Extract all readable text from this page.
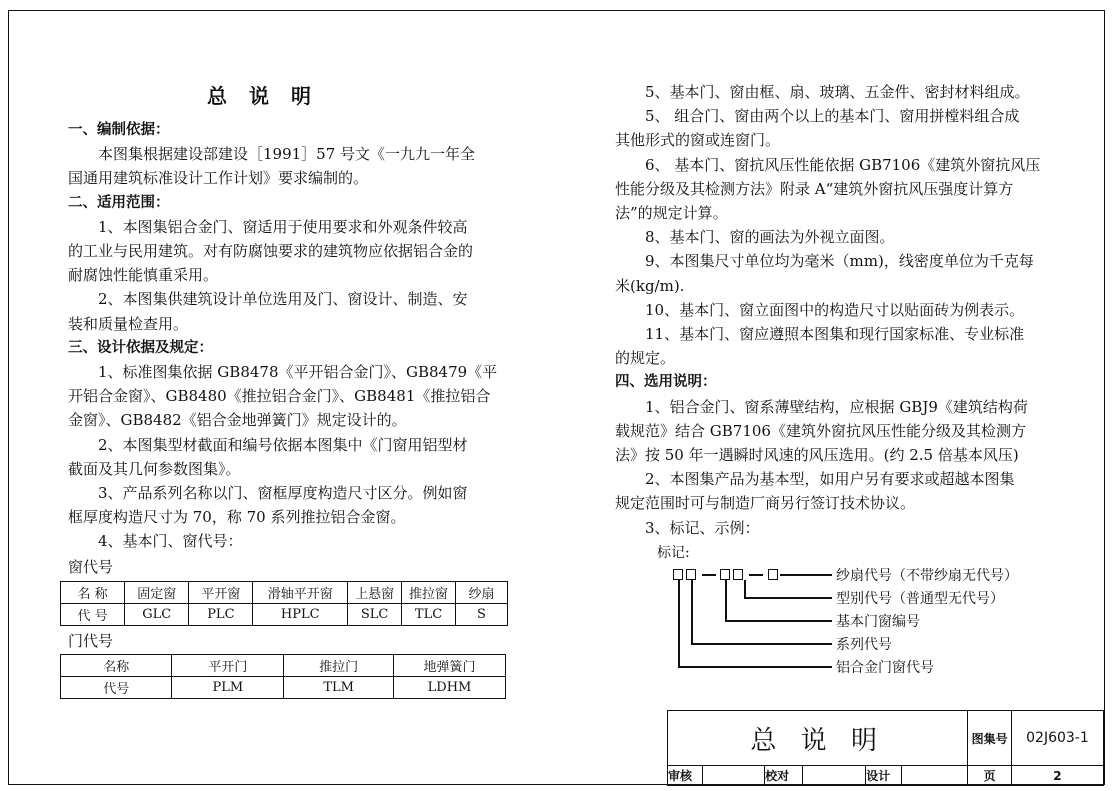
总说明

一、编制依据：

本图集根据建设部建设［1991］57 号文《一九九一年全

国通用建筑标准设计工作计划》要求编制的。

二、适用范围：

1、本图集铝合金门、窗适用于使用要求和外观条件较高

的工业与民用建筑。对有防腐蚀要求的建筑物应依据铝合金的

耐腐蚀性能慎重采用。

2、本图集供建筑设计单位选用及门、窗设计、制造、安

装和质量检查用。

三、设计依据及规定：

1、标准图集依据 GB8478《平开铝合金门》、GB8479《平

开铝合金窗》、GB8480《推拉铝合金门》、GB8481《推拉铝合

金窗》、GB8482《铝合金地弹簧门》规定设计的。

2、本图集型材截面和编号依据本图集中《门窗用铝型材

截面及其几何参数图集》。

3、产品系列名称以门、窗框厚度构造尺寸区分。例如窗

框厚度构造尺寸为 70，称 70 系列推拉铝合金窗。

4、基本门、窗代号：

窗代号
名 称	固定窗	平开窗	滑轴平开窗	上悬窗	推拉窗	纱扇
代 号	GLC	PLC	HPLC	SLC	TLC	S
门代号
名称	平开门	推拉门	地弹簧门
代号	PLM	TLM	LDHM

5、基本门、窗由框、扇、玻璃、五金件、密封材料组成。

5、 组合门、窗由两个以上的基本门、窗用拼樘料组合成

其他形式的窗或连窗门。

6、 基本门、窗抗风压性能依据 GB7106《建筑外窗抗风压

性能分级及其检测方法》附录 A“建筑外窗抗风压强度计算方

法”的规定计算。

8、基本门、窗的画法为外视立面图。

9、本图集尺寸单位均为毫米（mm)，线密度单位为千克每

米(kg/m).

10、基本门、窗立面图中的构造尺寸以贴面砖为例表示。

11、基本门、窗应遵照本图集和现行国家标准、专业标准

的规定。

四、选用说明：

1、铝合金门、窗系薄壁结构，应根据 GBJ9《建筑结构荷

载规范》结合 GB7106《建筑外窗抗风压性能分级及其检测方

法》按 50 年一遇瞬时风速的风压选用。(约 2.5 倍基本风压)

2、本图集产品为基本型，如用户另有要求或超越本图集

规定范围时可与制造厂商另行签订技术协议。

3、标记、示例：

标记:
纱扇代号（不带纱扇无代号）
型别代号（普通型无代号）
基本门窗编号
系列代号
铝合金门窗代号
总 说 明						图集号	02J603-1
审核		校对		设计		页	2
